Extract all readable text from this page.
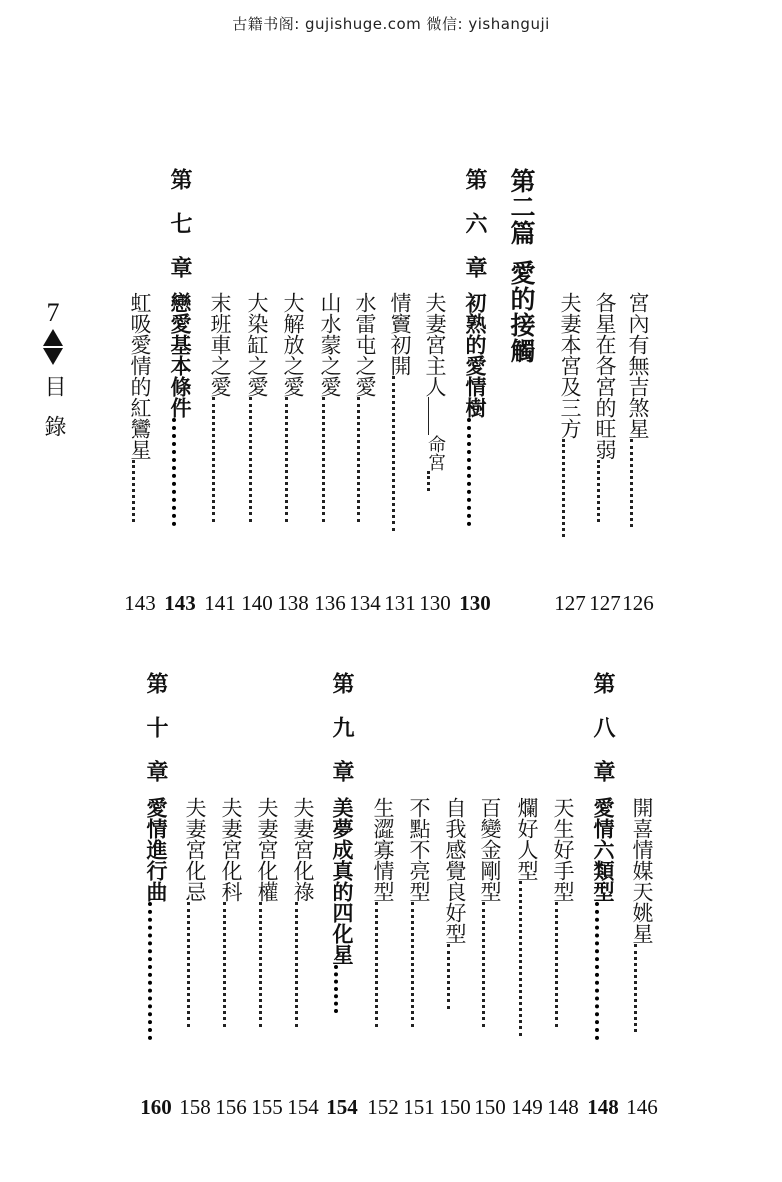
古籍书阁: gujishuge.com 微信: yishanguji
7
目錄	宮內有無吉煞星
126
各星在各宮的旺弱
127
夫妻本宮及三方
127
第二篇愛的接觸
第六章
初熟的愛情樹
130
夫妻宮主人命宮
130
情竇初開
131
水雷屯之愛
134
山水蒙之愛
136
大解放之愛
138
大染缸之愛
140
末班車之愛
141
第七章
戀愛基本條件
143
虹吸愛情的紅鸞星
143
開喜情媒天姚星
146
第八章
愛情六類型
148
天生好手型
148
爛好人型
149
百變金剛型
150
自我感覺良好型
150
不點不亮型
151
生澀寡情型
152
第九章
美夢成真的四化星
154
夫妻宮化祿
154
夫妻宮化權
155
夫妻宮化科
156
夫妻宮化忌
158
第十章
愛情進行曲
160
